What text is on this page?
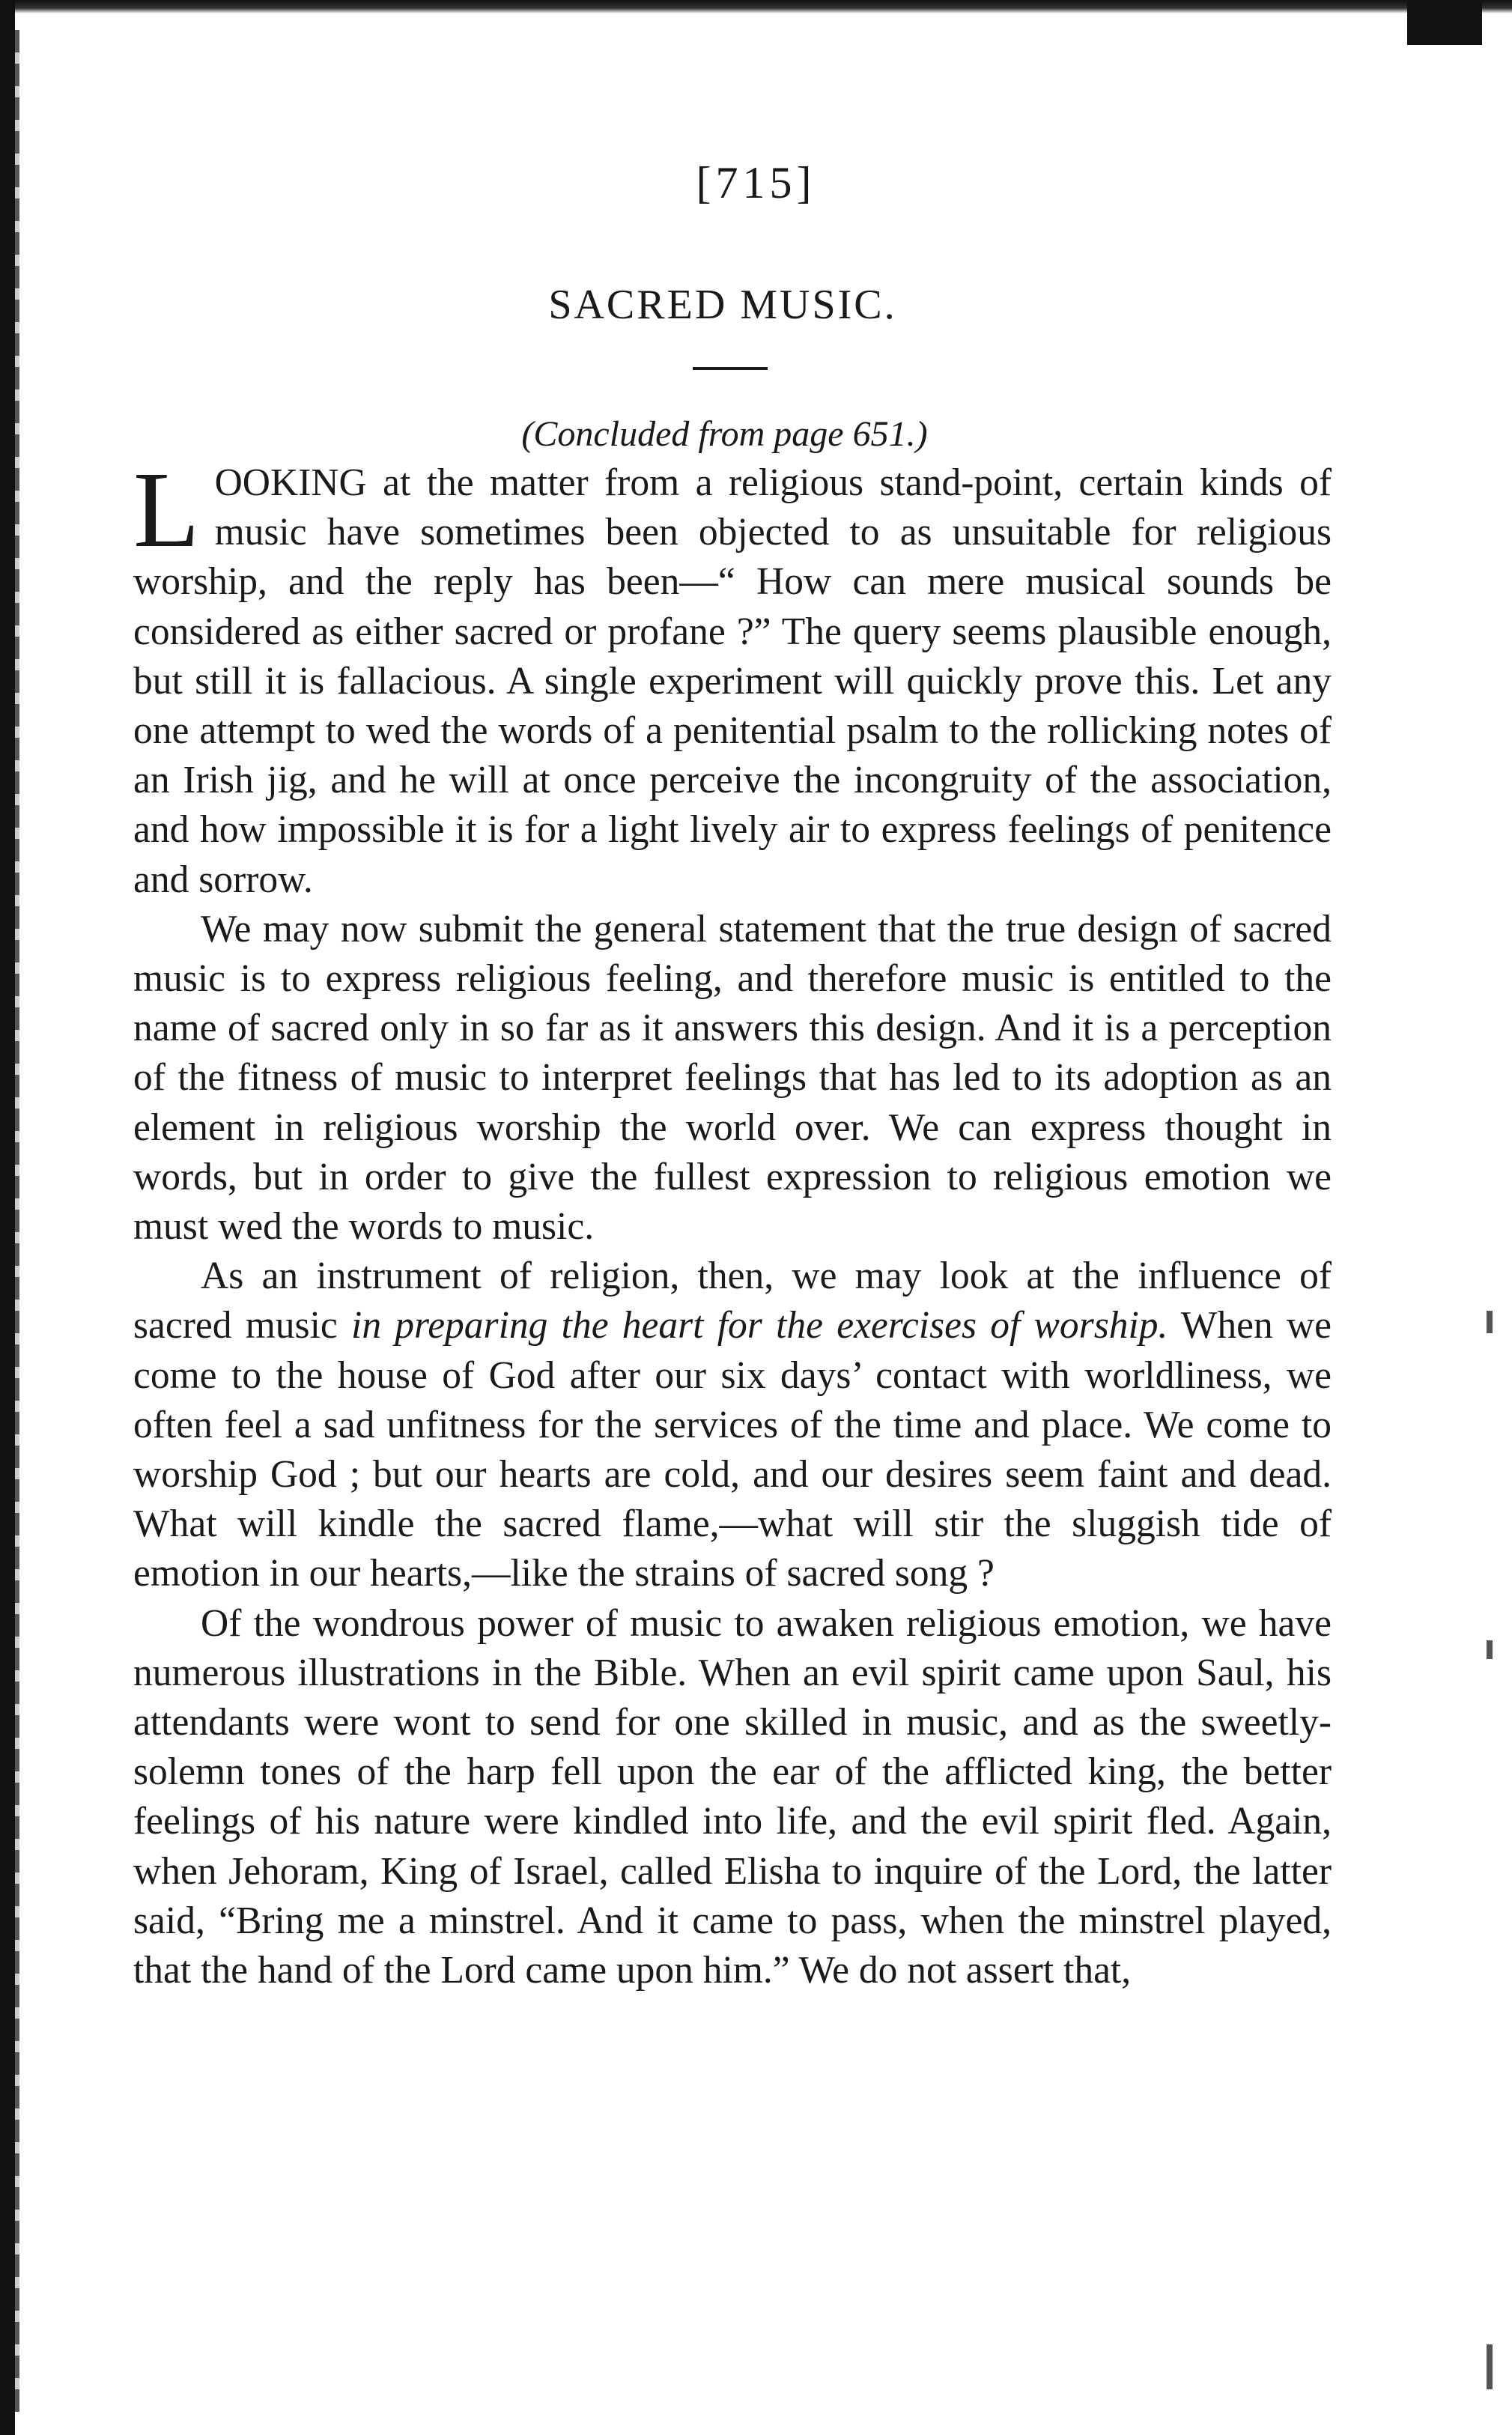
[715]
SACRED MUSIC.
(Concluded from page 651.)

LOOKING at the matter from a religious stand-point, certain kinds of music have sometimes been objected to as unsuitable for religious worship, and the reply has been—“ How can mere musical sounds be considered as either sacred or profane ?” The query seems plausible enough, but still it is fallacious. A single experiment will quickly prove this. Let any one attempt to wed the words of a penitential psalm to the rollicking notes of an Irish jig, and he will at once perceive the incongruity of the association, and how impossible it is for a light lively air to express feelings of penitence and sorrow.

We may now submit the general statement that the true design of sacred music is to express religious feeling, and therefore music is entitled to the name of sacred only in so far as it answers this design. And it is a perception of the fitness of music to interpret feelings that has led to its adoption as an element in religious worship the world over. We can express thought in words, but in order to give the fullest expression to religious emotion we must wed the words to music.

As an instrument of religion, then, we may look at the influence of sacred music in preparing the heart for the exercises of worship. When we come to the house of God after our six days’ contact with worldliness, we often feel a sad unfitness for the services of the time and place. We come to worship God ; but our hearts are cold, and our desires seem faint and dead. What will kindle the sacred flame,—what will stir the sluggish tide of emotion in our hearts,—like the strains of sacred song ?

Of the wondrous power of music to awaken religious emotion, we have numerous illustrations in the Bible. When an evil spirit came upon Saul, his attendants were wont to send for one skilled in music, and as the sweetly-solemn tones of the harp fell upon the ear of the afflicted king, the better feelings of his nature were kindled into life, and the evil spirit fled. Again, when Jehoram, King of Israel, called Elisha to inquire of the Lord, the latter said, “Bring me a minstrel. And it came to pass, when the minstrel played, that the hand of the Lord came upon him.” We do not assert that,
